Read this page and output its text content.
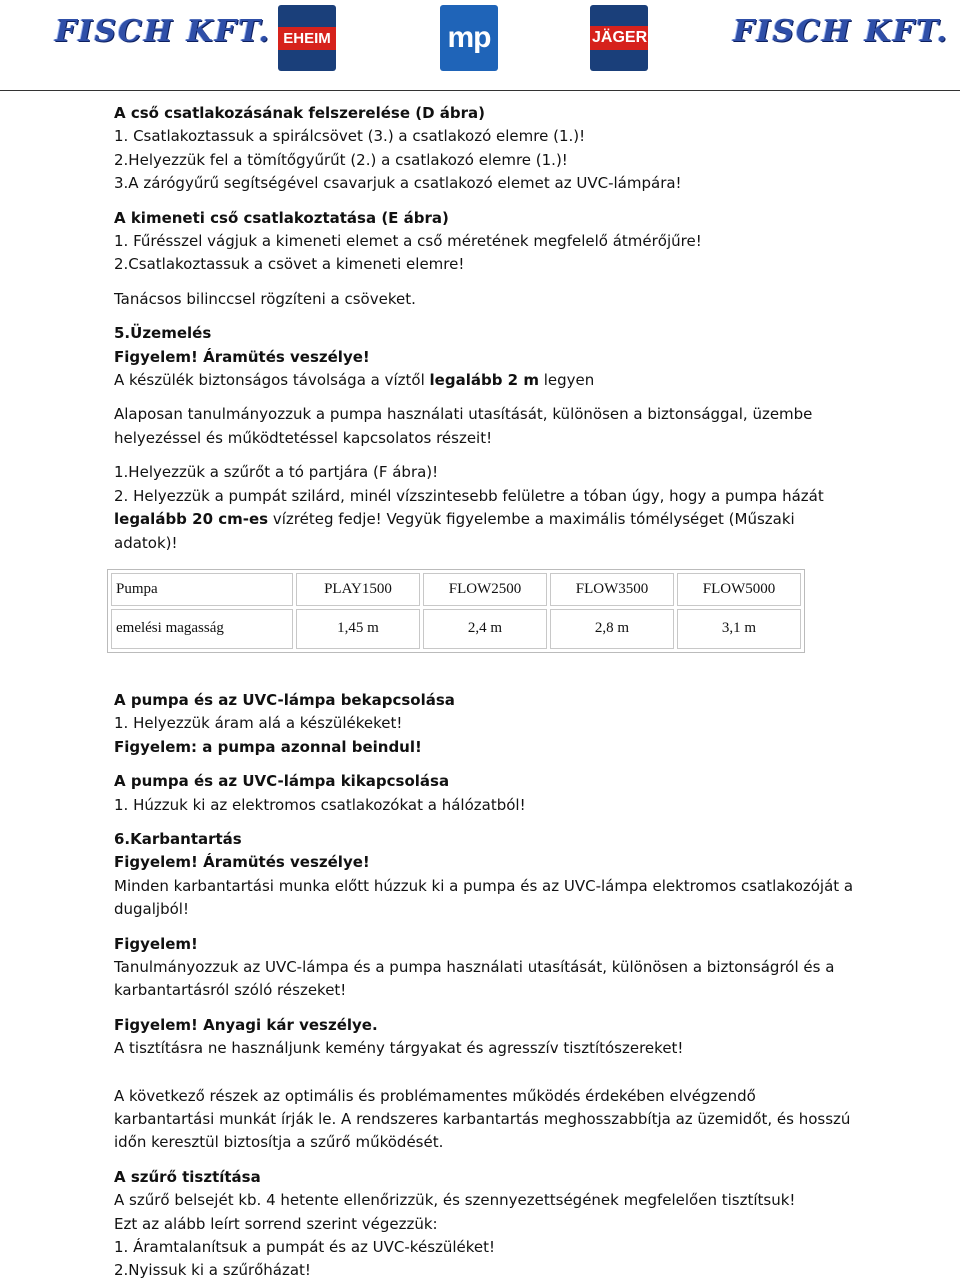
FISCH KFT. EHEIM	mp	JÄGER	FISCH KFT.

A cső csatlakozásának felszerelése (D ábra)

1. Csatlakoztassuk a spirálcsövet (3.) a csatlakozó elemre (1.)!

2.Helyezzük fel a tömítőgyűrűt (2.) a csatlakozó elemre (1.)!

3.A zárógyűrű segítségével csavarjuk a csatlakozó elemet az UVC-lámpára!

A kimeneti cső csatlakoztatása (E ábra)

1. Fűrésszel vágjuk a kimeneti elemet a cső méretének megfelelő átmérőjűre!

2.Csatlakoztassuk a csövet a kimeneti elemre!

Tanácsos bilinccsel rögzíteni a csöveket.

5.Üzemelés

Figyelem! Áramütés veszélye!

A készülék biztonságos távolsága a víztől legalább 2 m legyen

Alaposan tanulmányozzuk a pumpa használati utasítását, különösen a biztonsággal, üzembe helyezéssel és működtetéssel kapcsolatos részeit!

1.Helyezzük a szűrőt a tó partjára (F ábra)!

2. Helyezzük a pumpát szilárd, minél vízszintesebb felületre a tóban úgy, hogy a pumpa házát legalább 20 cm-es vízréteg fedje! Vegyük figyelembe a maximális tómélységet (Műszaki adatok)!

Pumpa	PLAY1500	FLOW2500	FLOW3500	FLOW5000
emelési magasság	1,45 m	2,4 m	2,8 m	3,1 m

A pumpa és az UVC-lámpa bekapcsolása

1. Helyezzük áram alá a készülékeket!

Figyelem: a pumpa azonnal beindul!

A pumpa és az UVC-lámpa kikapcsolása

1. Húzzuk ki az elektromos csatlakozókat a hálózatból!

6.Karbantartás

Figyelem! Áramütés veszélye!

Minden karbantartási munka előtt húzzuk ki a pumpa és az UVC-lámpa elektromos csatlakozóját a dugaljból!

Figyelem!

Tanulmányozzuk az UVC-lámpa és a pumpa használati utasítását, különösen a biztonságról és a karbantartásról szóló részeket!

Figyelem! Anyagi kár veszélye.

A tisztításra ne használjunk kemény tárgyakat és agresszív tisztítószereket!

A következő részek az optimális és problémamentes működés érdekében elvégzendő karbantartási munkát írják le. A rendszeres karbantartás meghosszabbítja az üzemidőt, és hosszú időn keresztül biztosítja a szűrő működését.

A szűrő tisztítása

A szűrő belsejét kb. 4 hetente ellenőrizzük, és szennyezettségének megfelelően tisztítsuk!

Ezt az alább leírt sorrend szerint végezzük:

1. Áramtalanítsuk a pumpát és az UVC-készüléket!

2.Nyissuk ki a szűrőházat!
